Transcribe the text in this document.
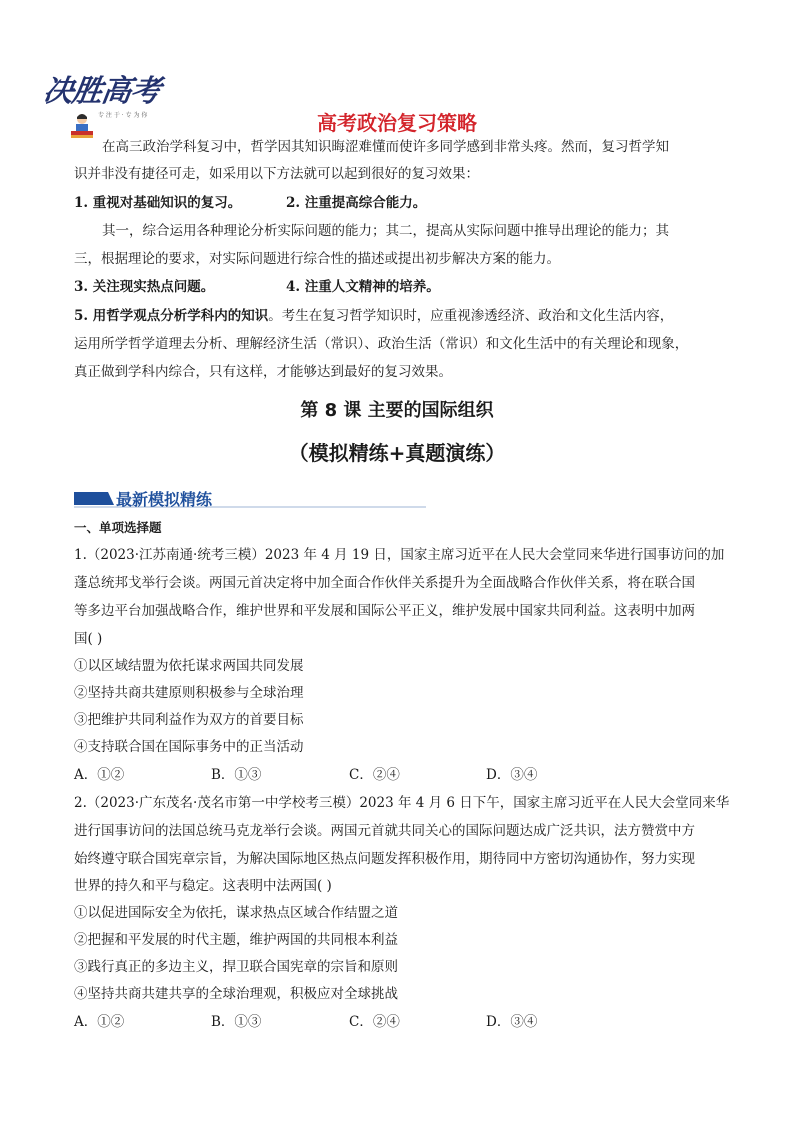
决胜高考
专 注 于 · 专 为 你	高考政治复习策略
在高三政治学科复习中，哲学因其知识晦涩难懂而使许多同学感到非常头疼。然而，复习哲学知
识并非没有捷径可走，如采用以下方法就可以起到很好的复习效果：
1. 重视对基础知识的复习。	2. 注重提高综合能力。
其一，综合运用各种理论分析实际问题的能力；其二，提高从实际问题中推导出理论的能力；其
三，根据理论的要求，对实际问题进行综合性的描述或提出初步解决方案的能力。
3. 关注现实热点问题。	4. 注重人文精神的培养。
5. 用哲学观点分析学科内的知识。考生在复习哲学知识时，应重视渗透经济、政治和文化生活内容，
运用所学哲学道理去分析、理解经济生活（常识）、政治生活（常识）和文化生活中的有关理论和现象，
真正做到学科内综合，只有这样，才能够达到最好的复习效果。
第 8 课 主要的国际组织
（模拟精练+真题演练）
最新模拟精练
一、单项选择题
1.（2023·江苏南通·统考三模）2023 年 4 月 19 日，国家主席习近平在人民大会堂同来华进行国事访问的加
蓬总统邦戈举行会谈。两国元首决定将中加全面合作伙伴关系提升为全面战略合作伙伴关系，将在联合国
等多边平台加强战略合作，维护世界和平发展和国际公平正义，维护发展中国家共同利益。这表明中加两
国( )
①以区域结盟为依托谋求两国共同发展
②坚持共商共建原则积极参与全球治理
③把维护共同利益作为双方的首要目标
④支持联合国在国际事务中的正当活动
A．①②	B．①③	C．②④	D．③④
2.（2023·广东茂名·茂名市第一中学校考三模）2023 年 4 月 6 日下午，国家主席习近平在人民大会堂同来华
进行国事访问的法国总统马克龙举行会谈。两国元首就共同关心的国际问题达成广泛共识，法方赞赏中方
始终遵守联合国宪章宗旨，为解决国际地区热点问题发挥积极作用，期待同中方密切沟通协作，努力实现
世界的持久和平与稳定。这表明中法两国( )
①以促进国际安全为依托，谋求热点区域合作结盟之道
②把握和平发展的时代主题，维护两国的共同根本利益
③践行真正的多边主义，捍卫联合国宪章的宗旨和原则
④坚持共商共建共享的全球治理观，积极应对全球挑战
A．①②	B．①③	C．②④	D．③④
